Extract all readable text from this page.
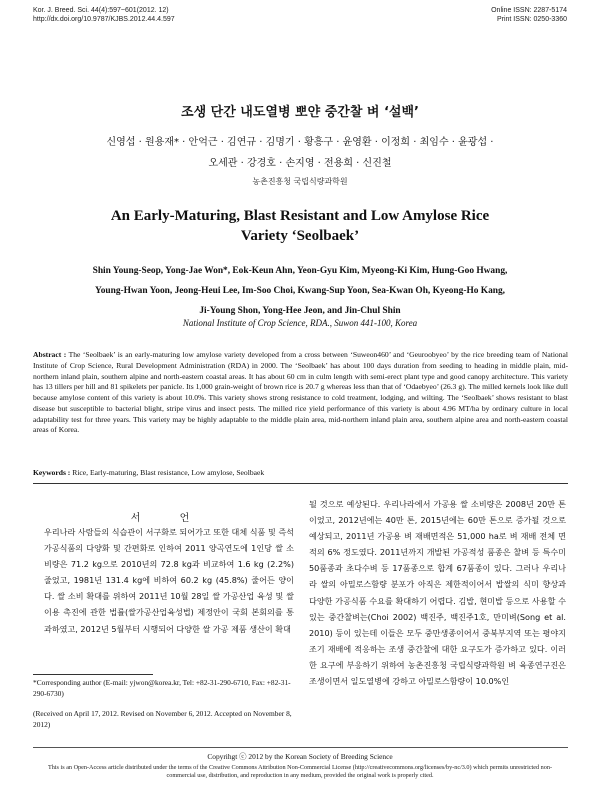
Kor. J. Breed. Sci. 44(4):597~601(2012. 12)
http://dx.doi.org/10.9787/KJBS.2012.44.4.597
Online ISSN: 2287-5174
Print ISSN: 0250-3360
조생 단간 내도열병 뽀얀 중간찰 벼 ‘설백’
신영섭 · 원용재* · 안억근 · 김연규 · 김명기 · 황흥구 · 윤영환 · 이정희 · 최임수 · 윤광섭 ·
오세관 · 강경호 · 손지영 · 전용희 · 신진철
농촌진흥청 국립식량과학원
An Early-Maturing, Blast Resistant and Low Amylose Rice
Variety ‘Seolbaek’
Shin Young-Seop, Yong-Jae Won*, Eok-Keun Ahn, Yeon-Gyu Kim, Myeong-Ki Kim, Hung-Goo Hwang,
Young-Hwan Yoon, Jeong-Heui Lee, Im-Soo Choi, Kwang-Sup Yoon, Sea-Kwan Oh, Kyeong-Ho Kang,
Ji-Young Shon, Yong-Hee Jeon, and Jin-Chul Shin
National Institute of Crop Science, RDA., Suwon 441-100, Korea
Abstract : The ‘Seolbaek’ is an early-maturing low amylose variety developed from a cross between ‘Suweon460’ and ‘Geuroobyeo’ by the rice breeding team of National Institute of Crop Science, Rural Development Administration (RDA) in 2000. The ‘Seolbaek’ has about 100 days duration from seeding to heading in middle plain, mid-northern inland plain, southern alpine and north-eastern coastal areas. It has about 60 cm in culm length with semi-erect plant type and good canopy architecture. This variety has 13 tillers per hill and 81 spikelets per panicle. Its 1,000 grain-weight of brown rice is 20.7 g whereas less than that of ‘Odaebyeo’ (26.3 g). The milled kernels look like dull because amylose content of this variety is about 10.0%. This variety shows strong resistance to cold treatment, lodging, and wilting. The ‘Seolbaek’ shows resistant to blast disease but susceptible to bacterial blight, stripe virus and insect pests. The milled rice yield performance of this variety is about 4.96 MT/ha by ordinary culture in local adaptability test for three years. This variety may be highly adaptable to the middle plain area, mid-northern inland plain area, southern alpine area and north-eastern coastal areas of Korea.
Keywords : Rice, Early-maturing, Blast resistance, Low amylose, Seolbaek
서 언
우리나라 사람들의 식습관이 서구화로 되어가고 또한 대체 식품 및 즉석 가공식품의 다양화 및 간편화로 인하여 2011 양곡연도에 1인당 쌀 소비량은 71.2 kg으로 2010년의 72.8 kg과 비교하여 1.6 kg (2.2%) 줄었고, 1981년 131.4 kg에 비하여 60.2 kg (45.8%) 줄어든 양이다. 쌀 소비 확대를 위하여 2011년 10월 28일 쌀 가공산업 육성 및 쌀 이용 촉진에 관한 법률(쌀가공산업육성법) 제정안이 국회 본회의를 통과하였고, 2012년 5월부터 시행되어 다양한 쌀 가공 제품 생산이 확대
될 것으로 예상된다. 우리나라에서 가공용 쌀 소비량은 2008년 20만 톤이었고, 2012년에는 40만 톤, 2015년에는 60만 톤으로 증가될 것으로 예상되고, 2011년 가공용 벼 재배면적은 51,000 ha로 벼 재배 전체 면적의 6% 정도였다. 2011년까지 개발된 가공적성 품종은 찰벼 등 특수미 50품종과 초다수벼 등 17품종으로 합계 67품종이 있다. 그러나 우리나라 쌀의 아밀로스함량 분포가 아직은 제한적이어서 밥쌀의 식미 향상과 다양한 가공식품 수요를 확대하기 어렵다. 김밥, 현미밥 등으로 사용할 수 있는 중간찰벼는(Choi 2002) 백진주, 백진주1호, 만미벼(Song et al. 2010) 등이 있는데 이들은 모두 중만생종이어서 중북부지역 또는 평야지 조기 재배에 적응하는 조생 중간찰에 대한 요구도가 증가하고 있다. 이러한 요구에 부응하기 위하여 농촌진흥청 국립식량과학원 벼 육종연구진은 조생이면서 일도열병에 강하고 아밀로스함량이 10.0%인
*Corresponding author (E-mail: yjwon@korea.kr, Tel: +82-31-290-6710, Fax: +82-31-290-6730)
(Received on April 17, 2012. Revised on November 6, 2012. Accepted on November 8, 2012)
Copyrihgt ⓒ 2012 by the Korean Society of Breeding Science
This is an Open-Access article distributed under the terms of the Creative Commons Attribution Non-Commercial License (http://creativecommons.org/licenses/by-nc/3.0) which permits unrestricted non-commercial use, distribution, and reproduction in any medium, provided the original work is properly cited.
